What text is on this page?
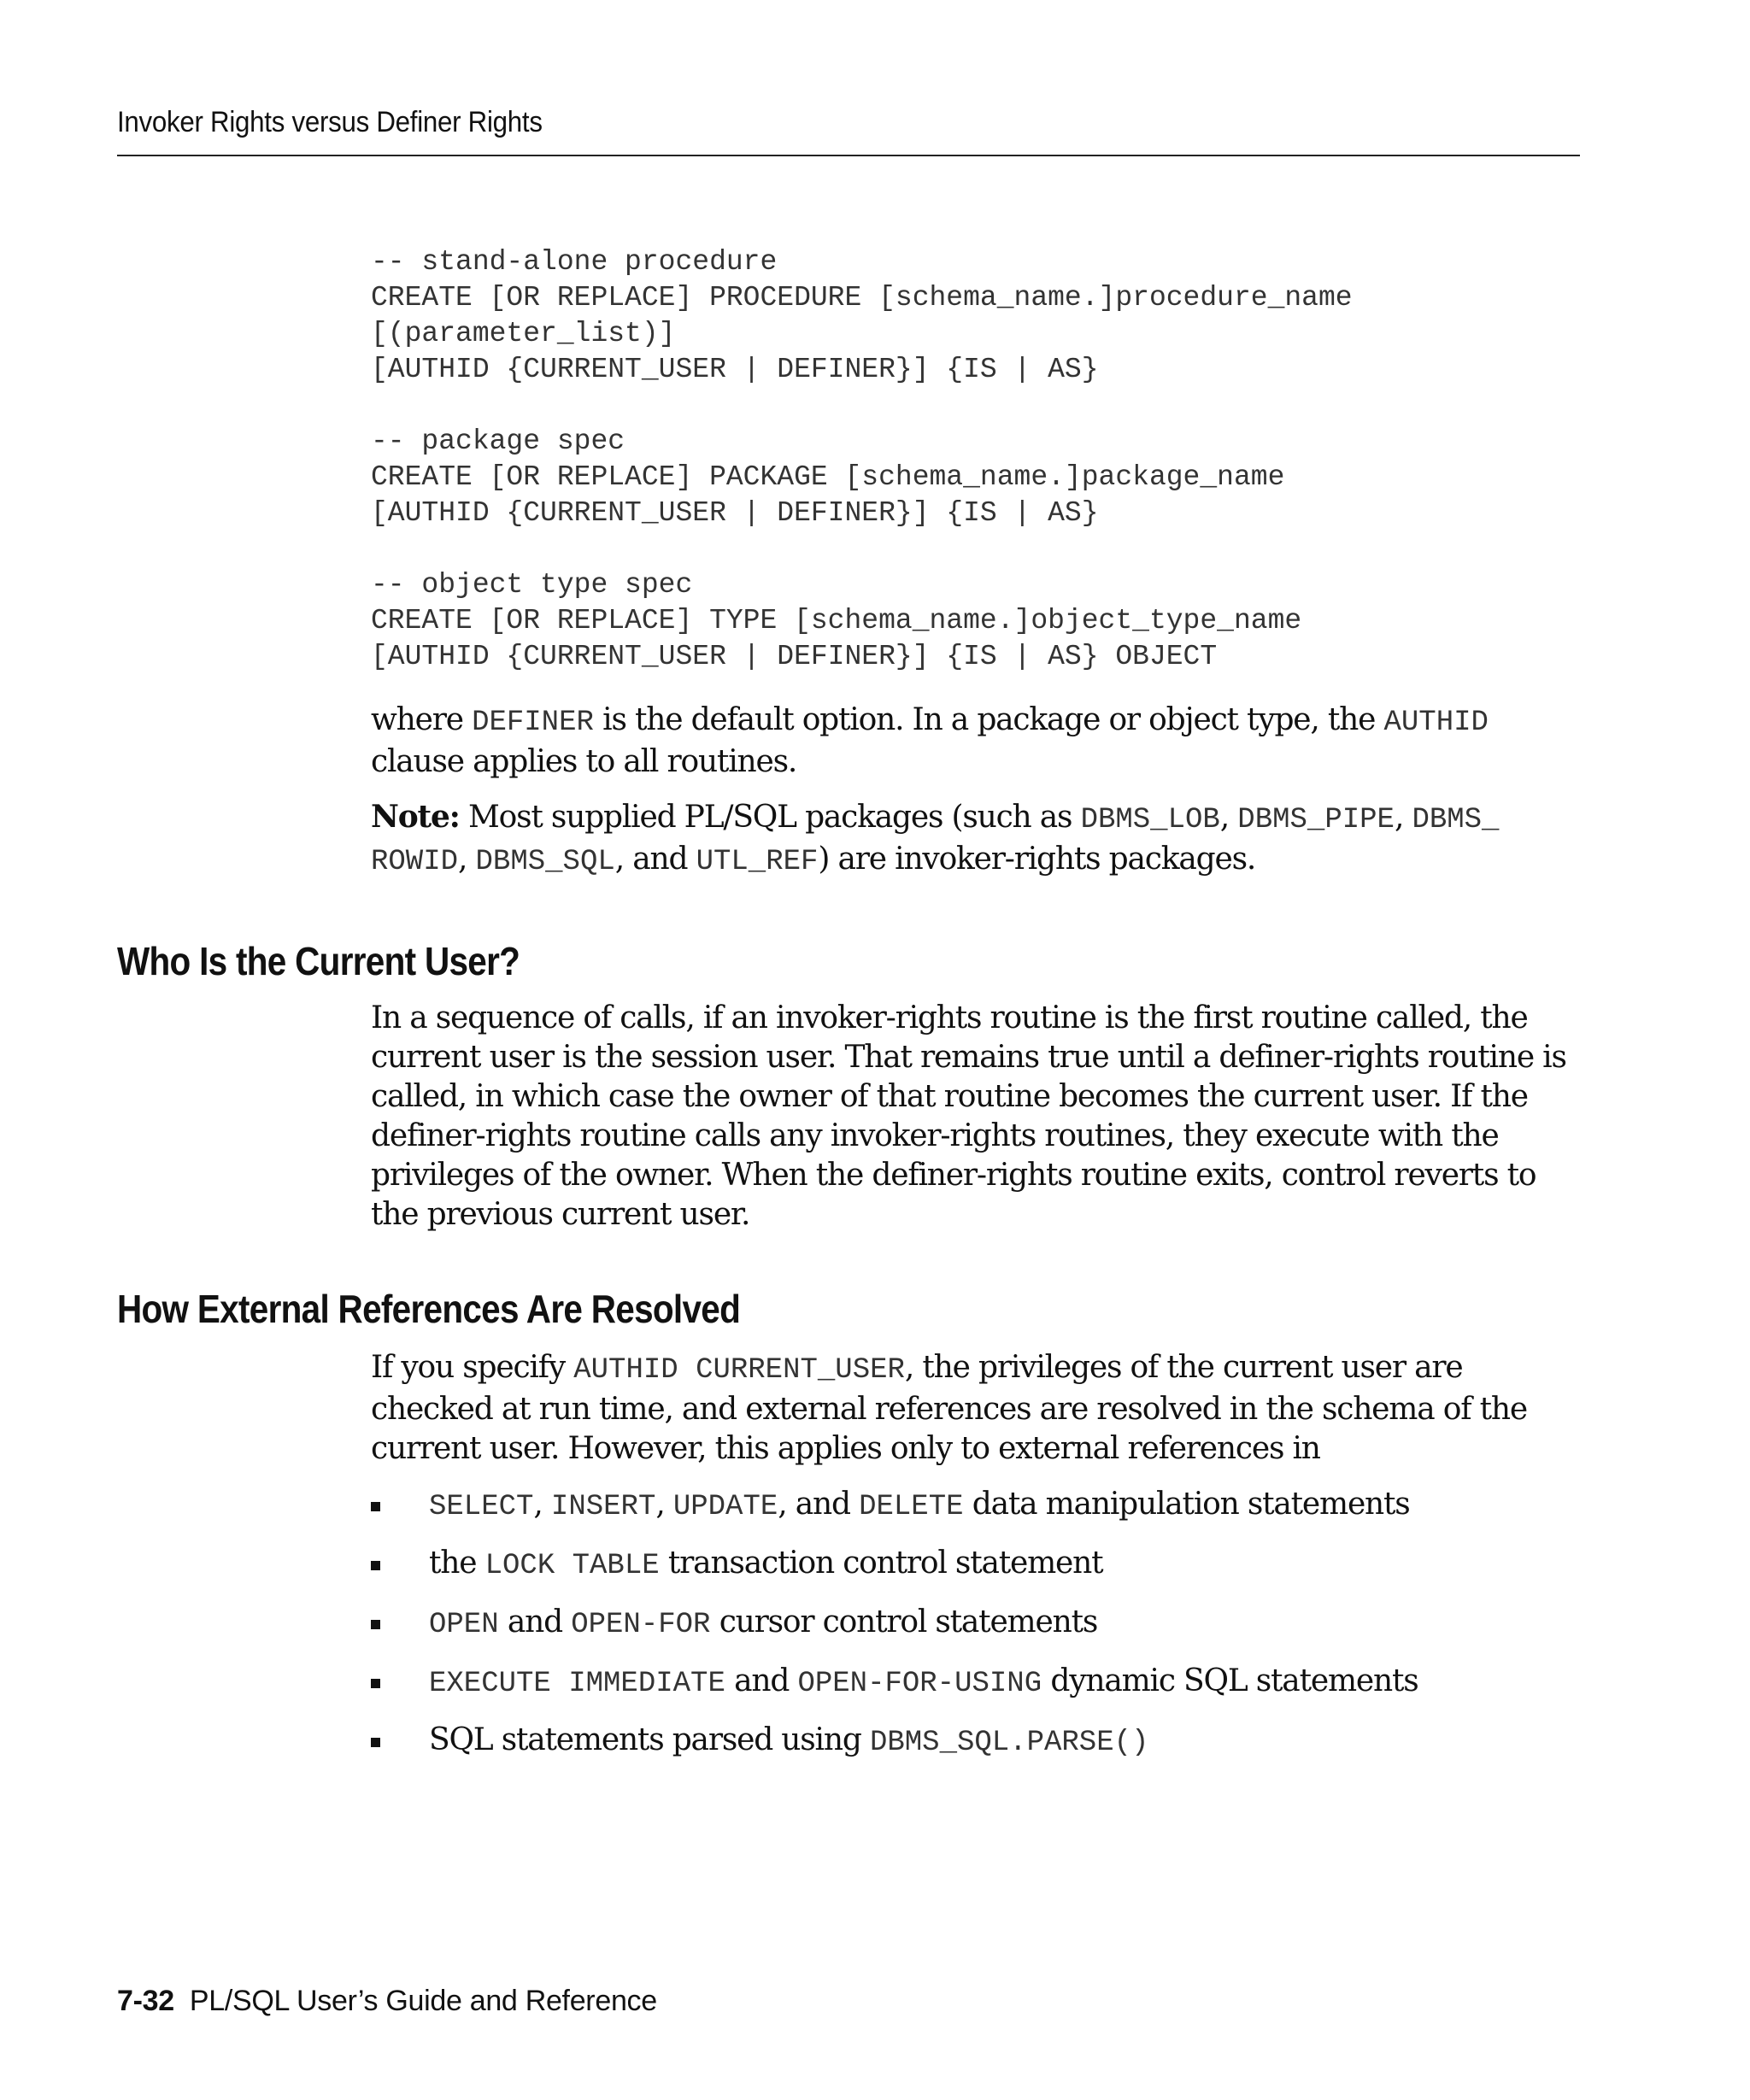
Invoker Rights versus Definer Rights
-- stand-alone procedure
CREATE [OR REPLACE] PROCEDURE [schema_name.]procedure_name
[(parameter_list)]
[AUTHID {CURRENT_USER | DEFINER}] {IS | AS}

-- package spec
CREATE [OR REPLACE] PACKAGE [schema_name.]package_name
[AUTHID {CURRENT_USER | DEFINER}] {IS | AS}

-- object type spec
CREATE [OR REPLACE] TYPE [schema_name.]object_type_name
[AUTHID {CURRENT_USER | DEFINER}] {IS | AS} OBJECT

where DEFINER is the default option. In a package or object type, the AUTHID clause applies to all routines.

Note: Most supplied PL/SQL packages (such as DBMS_LOB, DBMS_PIPE, DBMS_
ROWID, DBMS_SQL, and UTL_REF) are invoker-rights packages.

Who Is the Current User?

In a sequence of calls, if an invoker-rights routine is the first routine called, the current user is the session user. That remains true until a definer-rights routine is called, in which case the owner of that routine becomes the current user. If the definer-rights routine calls any invoker-rights routines, they execute with the privileges of the owner. When the definer-rights routine exits, control reverts to the previous current user.

How External References Are Resolved

If you specify AUTHID CURRENT_USER, the privileges of the current user are checked at run time, and external references are resolved in the schema of the current user. However, this applies only to external references in

SELECT, INSERT, UPDATE, and DELETE data manipulation statements
the LOCK TABLE transaction control statement
OPEN and OPEN-FOR cursor control statements
EXECUTE IMMEDIATE and OPEN-FOR-USING dynamic SQL statements
SQL statements parsed using DBMS_SQL.PARSE()
7-32 PL/SQL User’s Guide and Reference
